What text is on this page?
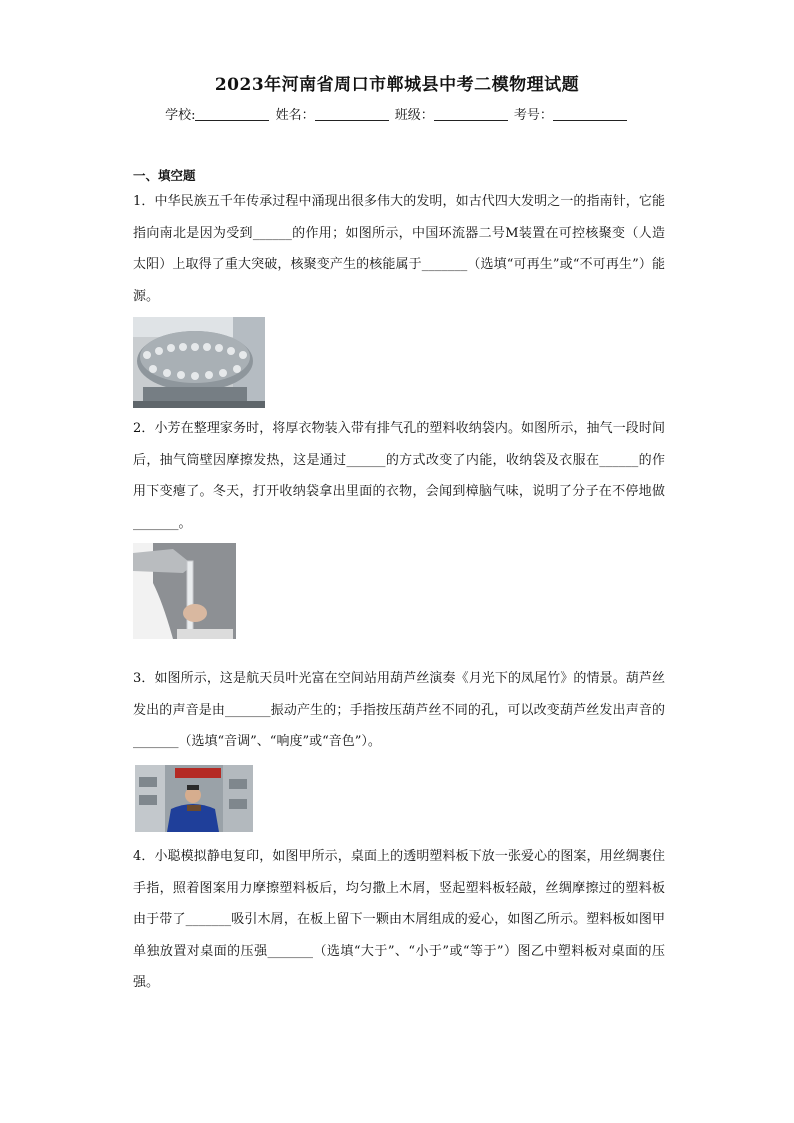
2023年河南省周口市郸城县中考二模物理试题
学校:	姓名：	班级：	考号：
一、填空题

1．中华民族五千年传承过程中涌现出很多伟大的发明，如古代四大发明之一的指南针，它能指向南北是因为受到______的作用；如图所示，中国环流器二号M装置在可控核聚变（人造太阳）上取得了重大突破，核聚变产生的核能属于_______（选填“可再生”或“不可再生”）能源。

2．小芳在整理家务时，将厚衣物装入带有排气孔的塑料收纳袋内。如图所示，抽气一段时间后，抽气筒壁因摩擦发热，这是通过______的方式改变了内能，收纳袋及衣服在______的作用下变瘪了。冬天，打开收纳袋拿出里面的衣物，会闻到樟脑气味，说明了分子在不停地做_______。

3．如图所示，这是航天员叶光富在空间站用葫芦丝演奏《月光下的凤尾竹》的情景。葫芦丝发出的声音是由_______振动产生的；手指按压葫芦丝不同的孔，可以改变葫芦丝发出声音的_______（选填“音调”、“响度”或“音色”）。

4．小聪模拟静电复印，如图甲所示，桌面上的透明塑料板下放一张爱心的图案，用丝绸裹住手指，照着图案用力摩擦塑料板后，均匀撒上木屑，竖起塑料板轻敲，丝绸摩擦过的塑料板由于带了_______吸引木屑，在板上留下一颗由木屑组成的爱心，如图乙所示。塑料板如图甲单独放置对桌面的压强_______（选填“大于”、“小于”或“等于”）图乙中塑料板对桌面的压强。
